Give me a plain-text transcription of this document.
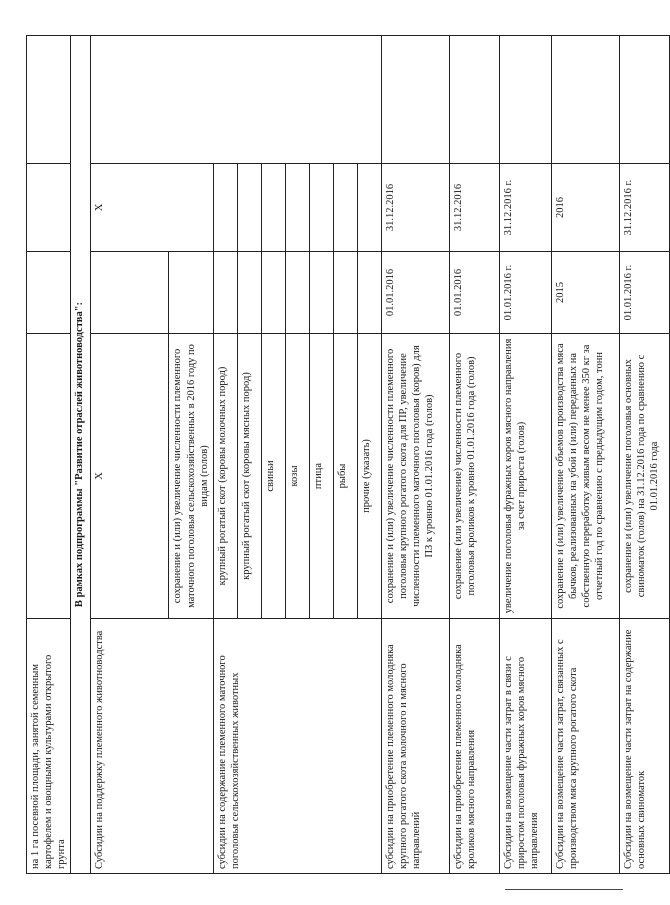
на 1 га посевной площади, занятой семенным картофелем и овощными культурами открытого грунта				
В рамках подпрограммы "Развитие отраслей животноводства":				
Субсидии на поддержку племенного животноводства	X		X	
	сохранение и (или) увеличение численности племенного маточного поголовья сельскохозяйственных в 2016 году по видам (голов)			
субсидии на содержание племенного маточного поголовья сельскохозяйственных животных	крупный рогатый скот (коровы молочных пород)			
	крупный рогатый скот (коровы мясных пород)			
	свиньи			
	козы			
	птица			
	рыбы			
	прочие (указать)			
субсидии на приобретение племенного молодняка крупного рогатого скота молочного и мясного направлений	сохранение и (или) увеличение численности племенного поголовья крупного рогатого скота для ПР, увеличение численности племенного маточного поголовья (коров) для ПЗ к уровню 01.01.2016 года (голов)	01.01.2016	31.12.2016	
субсидии на приобретение племенного молодняка кроликов мясного направления	сохранение (или увеличение) численности племенного поголовья кроликов к уровню 01.01.2016 года (голов)	01.01.2016	31.12.2016	
Субсидии на возмещение части затрат в связи с приростом поголовья фуражных коров мясного направления	увеличение поголовья фуражных коров мясного направления за счет прироста (голов)	01.01.2016 г.	31.12.2016 г.	
Субсидии на возмещение части затрат, связанных с производством мяса крупного рогатого скота	сохранение и (или) увеличение объемов производства мяса бычков, реализованных на убой и (или) переданных на собственную переработку живым весом не менее 350 кг за отчетный год по сравнению с предыдущим годом, тонн	2015	2016	
Субсидии на возмещение части затрат на содержание основных свиноматок	сохранение и (или) увеличение поголовья основных свиноматок (голов) на 31.12.2016 года по сравнению с 01.01.2016 года	01.01.2016 г.	31.12.2016 г.	
